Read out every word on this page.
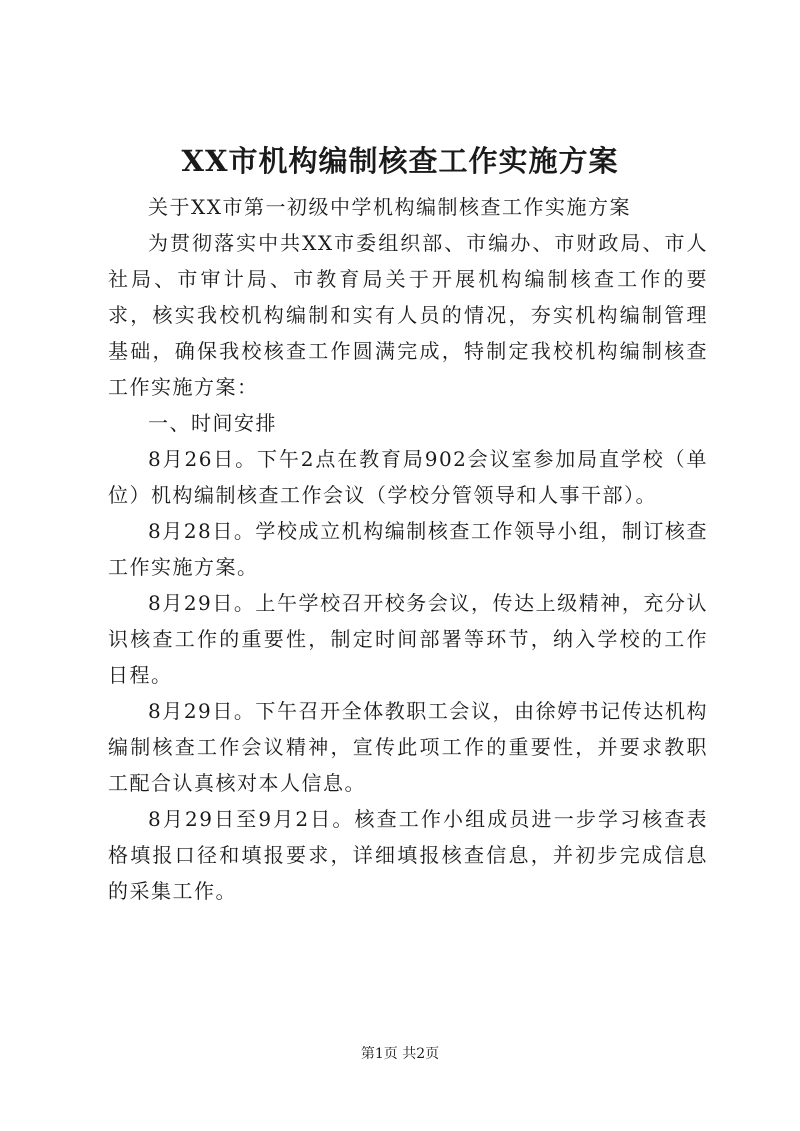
XX市机构编制核查工作实施方案

关于XX市第一初级中学机构编制核查工作实施方案

为贯彻落实中共XX市委组织部、市编办、市财政局、市人社局、市审计局、市教育局关于开展机构编制核查工作的要求，核实我校机构编制和实有人员的情况，夯实机构编制管理基础，确保我校核查工作圆满完成，特制定我校机构编制核查工作实施方案：

一、时间安排

8月26日。下午2点在教育局902会议室参加局直学校（单位）机构编制核查工作会议（学校分管领导和人事干部）。

8月28日。学校成立机构编制核查工作领导小组，制订核查工作实施方案。

8月29日。上午学校召开校务会议，传达上级精神，充分认识核查工作的重要性，制定时间部署等环节，纳入学校的工作日程。

8月29日。下午召开全体教职工会议，由徐婷书记传达机构编制核查工作会议精神，宣传此项工作的重要性，并要求教职工配合认真核对本人信息。

8月29日至9月2日。核查工作小组成员进一步学习核查表格填报口径和填报要求，详细填报核查信息，并初步完成信息的采集工作。

第1页 共2页
